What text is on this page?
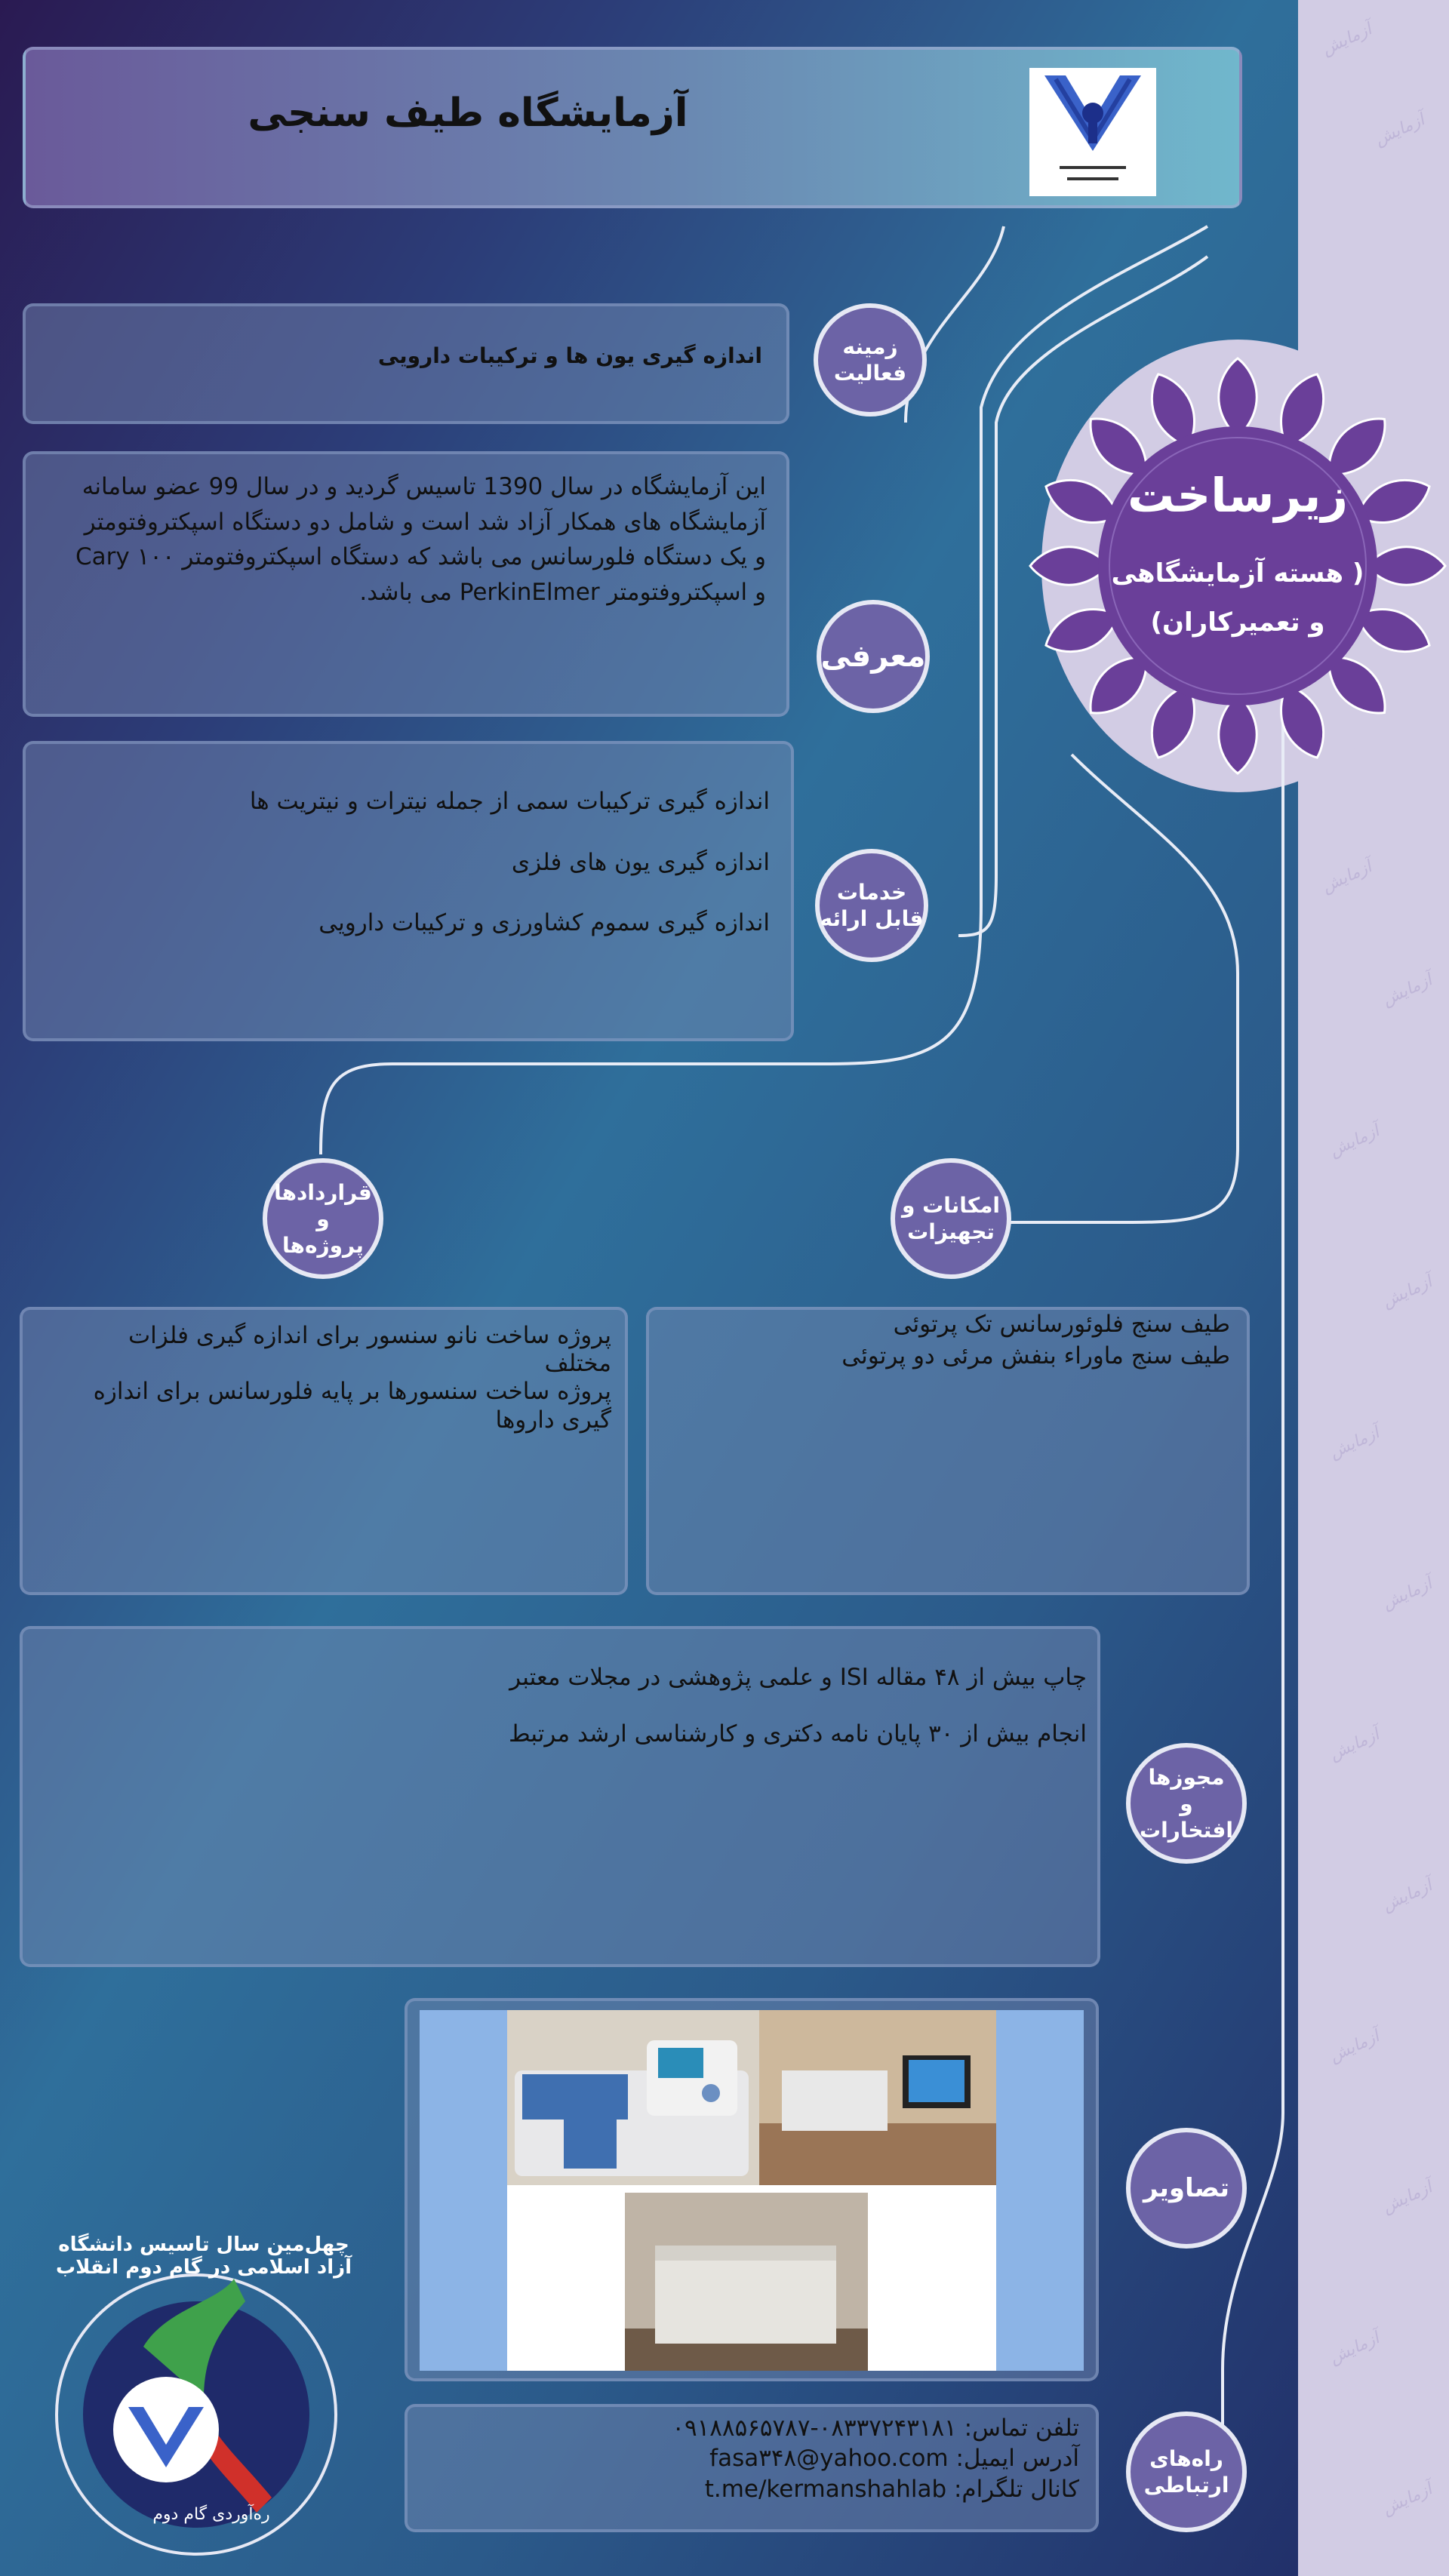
آزمایش
آزمایش
آزمایش
آزمایش
آزمایش
آزمایش
آزمایش
آزمایش
آزمایش
آزمایش
آزمایش
آزمایش
آزمایش
آزمایش
آزمایشگاه طیف سنجی
زیرساخت
( هسته آزمایشگاهی
و تعمیرکاران)
اندازه گیری یون ها و ترکیبات دارویی	زمینه
فعالیت
این آزمایشگاه در سال 1390 تاسیس گردید و در سال 99 عضو سامانه آزمایشگاه های همکار آزاد شد است و شامل دو دستگاه اسپکتروفتومتر و یک دستگاه فلورسانس می باشد که دستگاه اسپکتروفتومتر Cary ۱۰۰ و اسپکتروفتومتر PerkinElmer می باشد.
معرفی

اندازه گیری ترکیبات سمی از جمله نیترات و نیتریت ها

اندازه گیری یون های فلزی

اندازه گیری سموم کشاورزی و ترکیبات دارویی

خدمات
قابل ارائه
قراردادها و
پروژه‌ها
امکانات و
تجهیزات
پروژه ساخت نانو سنسور برای اندازه گیری فلزات مختلف
پروژه ساخت سنسورها بر پایه فلورسانس برای اندازه گیری داروها
طیف سنج فلوئورسانس تک پرتوئی
طیف سنج ماوراء بنفش مرئی دو پرتوئی
چاپ بیش از ۴۸ مقاله ISI و علمی پژوهشی در مجلات معتبر
انجام بیش از ۳۰ پایان نامه دکتری و کارشناسی ارشد مرتبط
مجوزها
و افتخارات
تصاویر
تلفن تماس: ۰۸۳۳۷۲۴۳۱۸۱-۰۹۱۸۸۵۶۵۷۸۷
آدرس ایمیل: fasa۳۴۸@yahoo.com
کانال تلگرام: t.me/kermanshahlab
راه‌های
ارتباطی
چهل‌مین سال تاسیس دانشگاه آزاد اسلامی در گام دوم انقلاب
ره‌آوردی گام دوم
